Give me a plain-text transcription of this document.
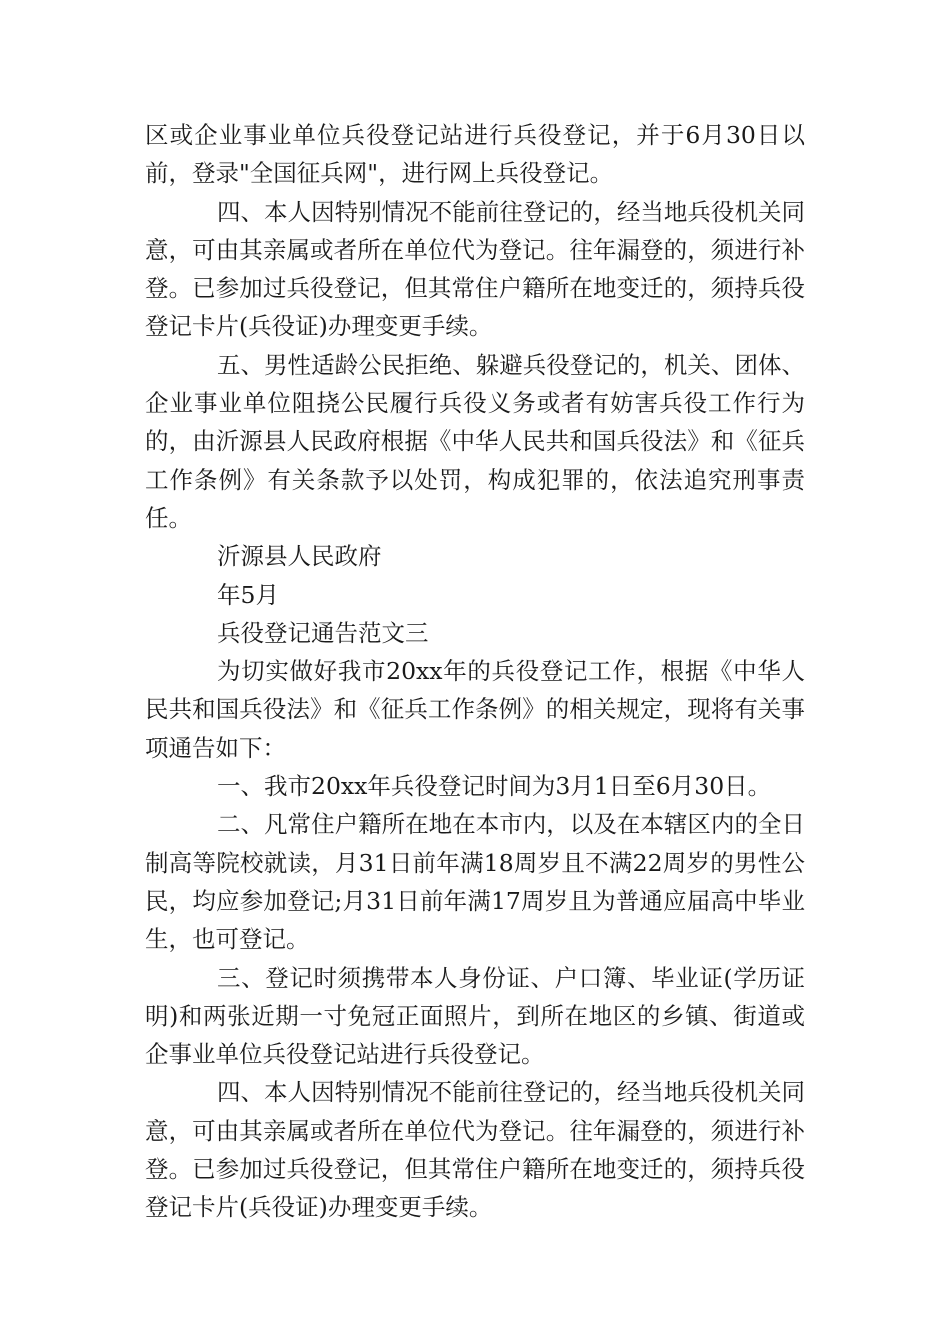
区或企业事业单位兵役登记站进行兵役登记，并于6月30日以前，登录"全国征兵网"，进行网上兵役登记。

四、本人因特别情况不能前往登记的，经当地兵役机关同意，可由其亲属或者所在单位代为登记。往年漏登的，须进行补登。已参加过兵役登记，但其常住户籍所在地变迁的，须持兵役登记卡片(兵役证)办理变更手续。

五、男性适龄公民拒绝、躲避兵役登记的，机关、团体、企业事业单位阻挠公民履行兵役义务或者有妨害兵役工作行为的，由沂源县人民政府根据《中华人民共和国兵役法》和《征兵工作条例》有关条款予以处罚，构成犯罪的，依法追究刑事责任。

沂源县人民政府

年5月

兵役登记通告范文三

为切实做好我市20xx年的兵役登记工作，根据《中华人民共和国兵役法》和《征兵工作条例》的相关规定，现将有关事项通告如下：

一、我市20xx年兵役登记时间为3月1日至6月30日。

二、凡常住户籍所在地在本市内，以及在本辖区内的全日制高等院校就读，月31日前年满18周岁且不满22周岁的男性公民，均应参加登记;月31日前年满17周岁且为普通应届高中毕业生，也可登记。

三、登记时须携带本人身份证、户口簿、毕业证(学历证明)和两张近期一寸免冠正面照片，到所在地区的乡镇、街道或企事业单位兵役登记站进行兵役登记。

四、本人因特别情况不能前往登记的，经当地兵役机关同意，可由其亲属或者所在单位代为登记。往年漏登的，须进行补登。已参加过兵役登记，但其常住户籍所在地变迁的，须持兵役登记卡片(兵役证)办理变更手续。
